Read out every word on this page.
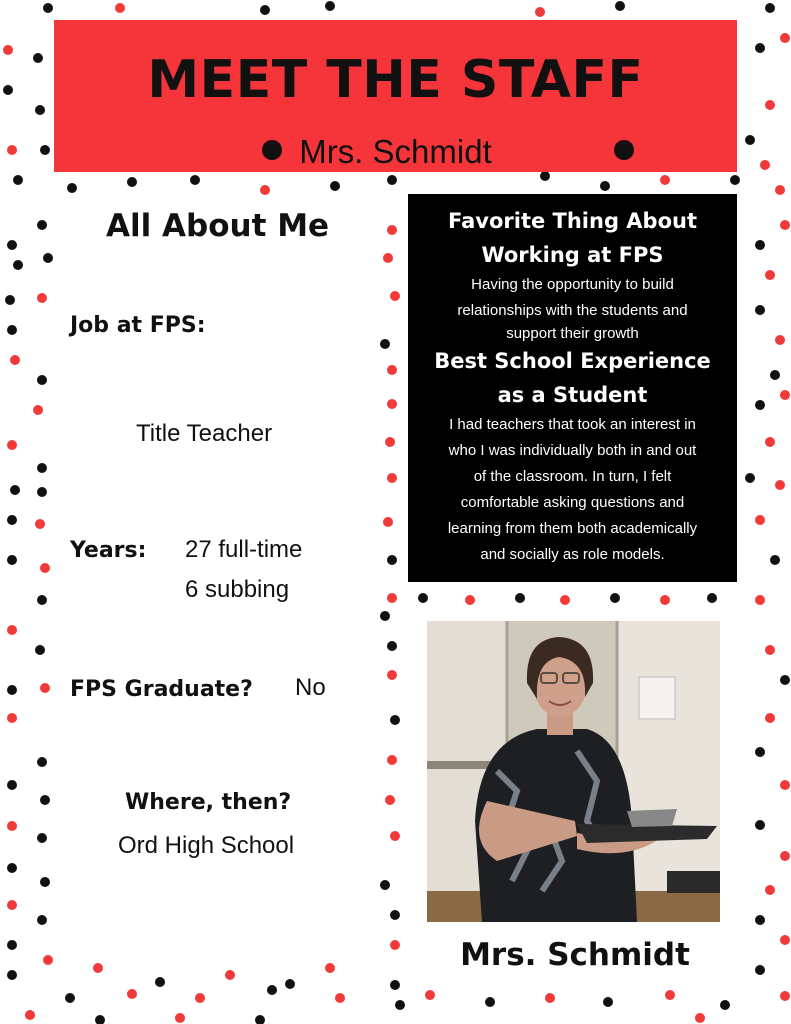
MEET THE STAFF
Mrs. Schmidt
All About Me
Job at FPS:
Title Teacher
Years: 27 full-time
6 subbing
FPS Graduate? No
Where, then?
Ord High School
Favorite Thing About
Working at FPS
Having the opportunity to build
relationships with the students and
support their growth
Best School Experience
as a Student
I had teachers that took an interest in
who I was individually both in and out
of the classroom. In turn, I felt
comfortable asking questions and
learning from them both academically
and socially as role models.
Mrs. Schmidt
